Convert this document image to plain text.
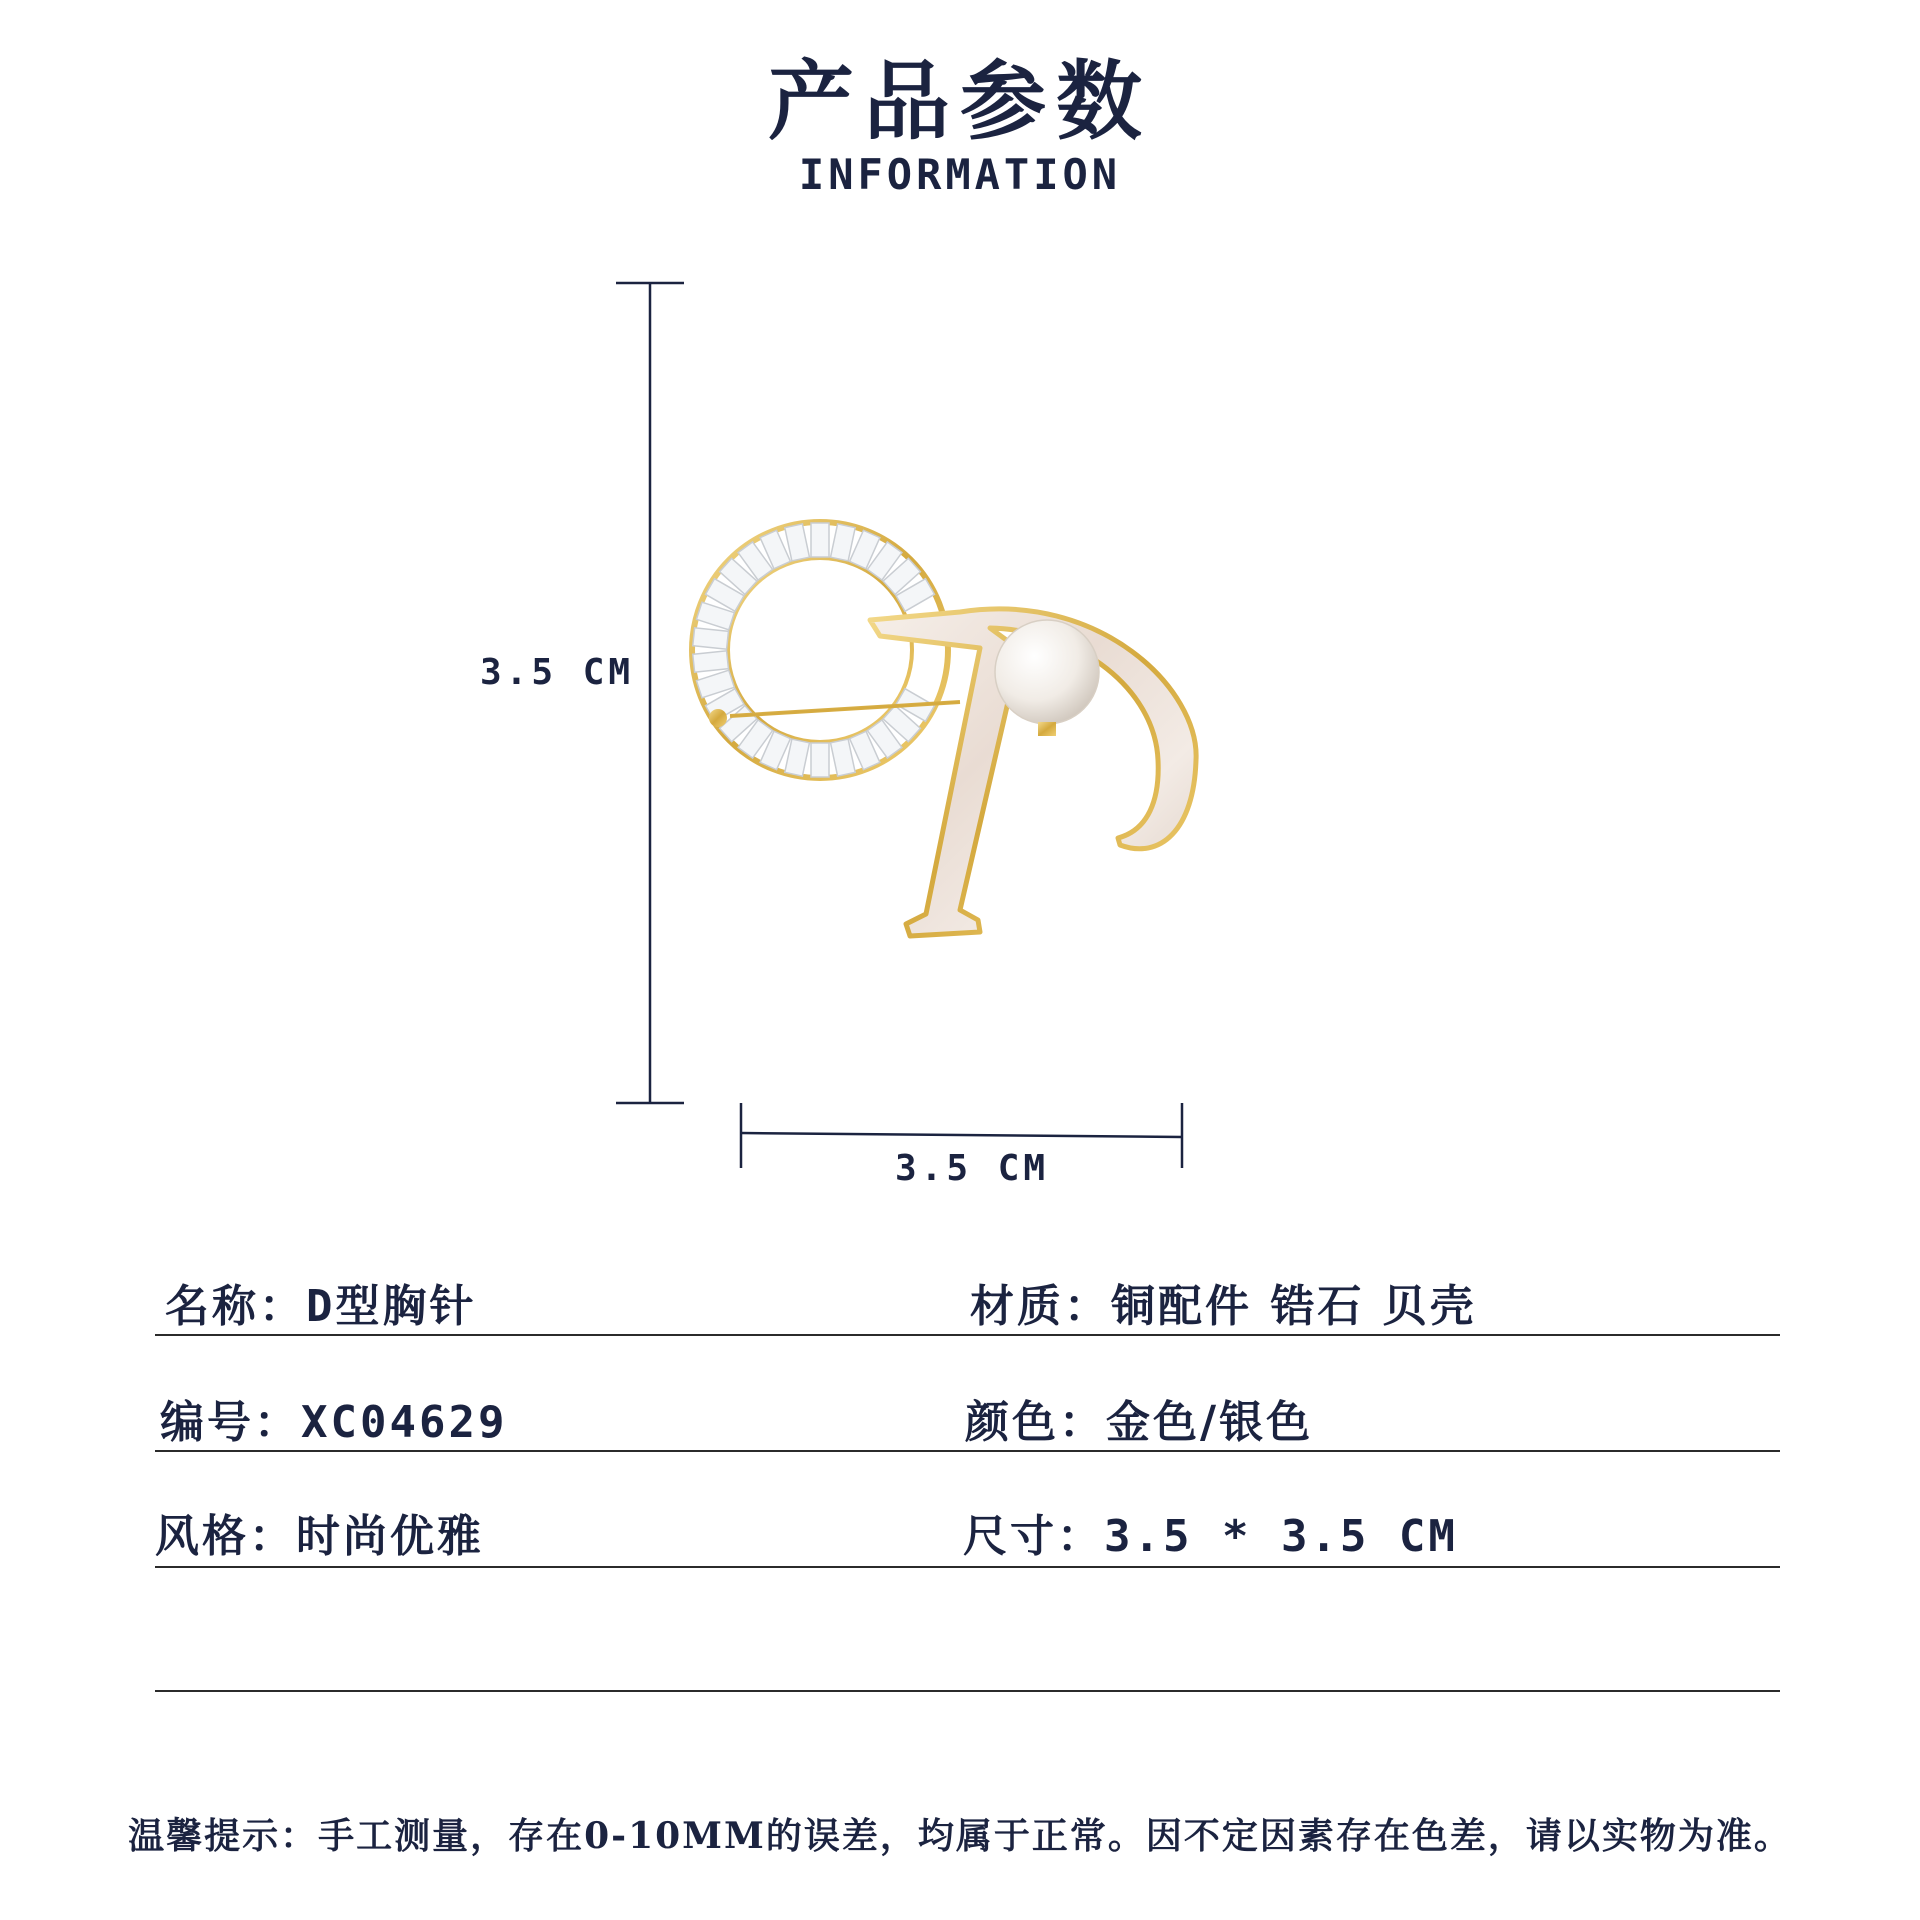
产品参数
INFORMATION
3.5 CM
3.5 CM
名称：D型胸针	材质：铜配件 锆石 贝壳
编号：XC04629	颜色：金色/银色
风格：时尚优雅	尺寸：3.5 * 3.5 CM
温馨提示：手工测量，存在0-10MM的误差，均属于正常。因不定因素存在色差，请以实物为准。
